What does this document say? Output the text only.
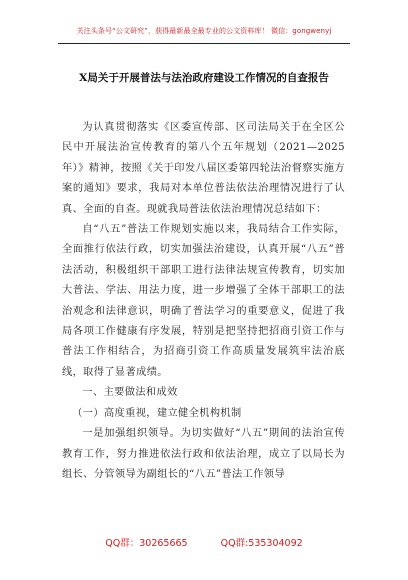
关注头条号“公文研究”，获得最新最全最专业的公文资料库！ 微信：gongwenyj
X局关于开展普法与法治政府建设工作情况的自查报告

为认真贯彻落实《区委宣传部、区司法局关于在全区公民中开展法治宣传教育的第八个五年规划（2021—2025年）》精神，按照《关于印发八届区委第四轮法治督察实施方案的通知》要求，我局对本单位普法依法治理情况进行了认真、全面的自查。现就我局普法依法治理情况总结如下：

自“八五”普法工作规划实施以来，我局结合工作实际，全面推行依法行政，切实加强法治建设，认真开展“八五”普法活动，积极组织干部职工进行法律法规宣传教育，切实加大普法、学法、用法力度，进一步增强了全体干部职工的法治观念和法律意识，明确了普法学习的重要意义，促进了我局各项工作健康有序发展，特别是把坚持把招商引资工作与普法工作相结合，为招商引资工作高质量发展筑牢法治底线，取得了显著成绩。

一、主要做法和成效

（一）高度重视，建立健全机构机制

一是加强组织领导。为切实做好“八五”期间的法治宣传教育工作，努力推进依法行政和依法治理，成立了以局长为组长、分管领导为副组长的“八五”普法工作领导

QQ群：30265665	QQ群:535304092
